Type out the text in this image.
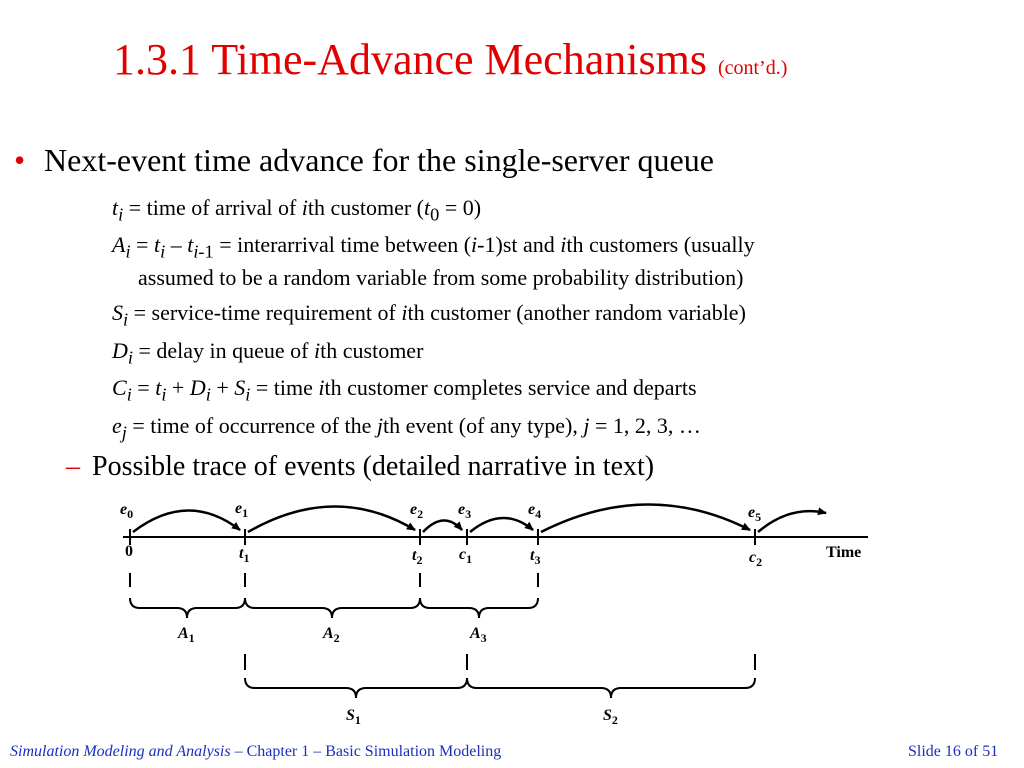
1.3.1 Time-Advance Mechanisms (cont’d.)
• Next-event time advance for the single-server queue
$t_i$ = time of arrival of ith customer $(t_0 = 0)$
$A_i = t_i - t_{i-1}$ = interarrival time between (i-1)st and ith customers (usually
assumed to be a random variable from some probability distribution)
$S_i$ = service-time requirement of ith customer (another random variable)
$D_i$ = delay in queue of ith customer
$C_i = t_i + D_i + S_i$ = time ith customer completes service and departs
$e_j$ = time of occurrence of the jth event (of any type), j = 1, 2, 3, …
– Possible trace of events (detailed narrative in text)
$e_0$	$e_1$	$e_2$ $e_3$	$e_4$	$e_5$
0	$t_1$	$t_2$ $c_1$	$t_3$	$c_2$
Time
$A_1$	$A_2$	$A_3$
$S_1$	$S_2$
Simulation Modeling and Analysis – Chapter 1 – Basic Simulation Modeling	Slide 16 of 51
